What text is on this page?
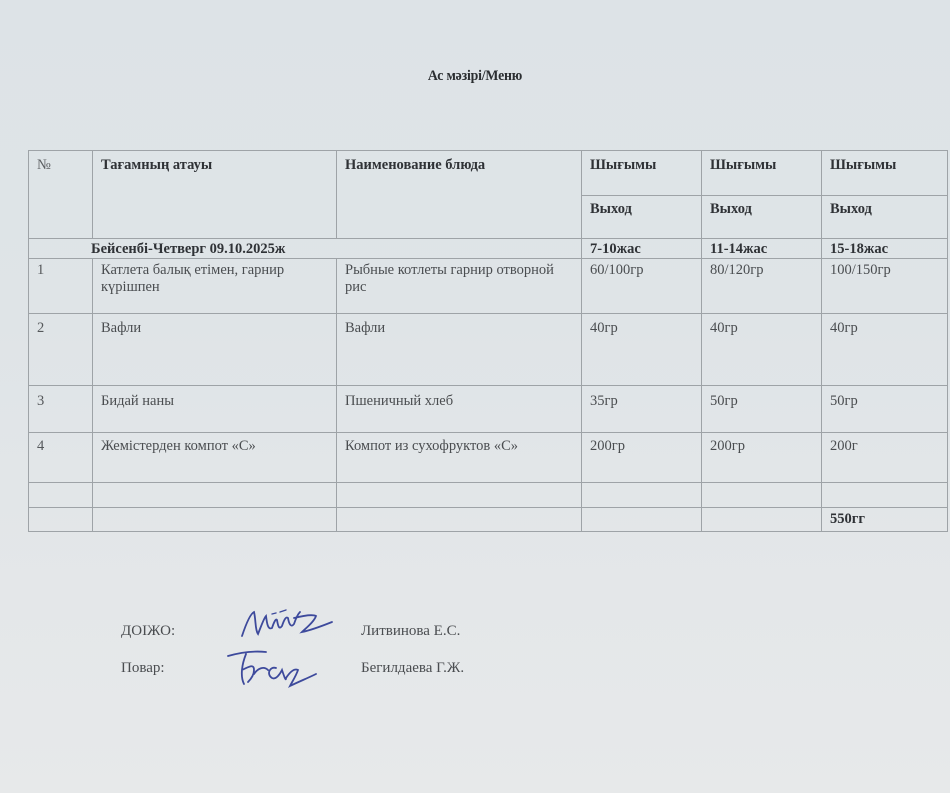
Ас мәзірі/Меню
№	Тағамның атауы	Наименование блюда	Шығымы	Шығымы	Шығымы
			Выход	Выход	Выход
Бейсенбі-Четверг 09.10.2025ж			7-10жас	11-14жас	15-18жас
1	Катлета балық етімен, гарнир күрішпен	Рыбные котлеты гарнир отворной рис	60/100гр	80/120гр	100/150гр
2	Вафли	Вафли	40гр	40гр	40гр
3	Бидай наны	Пшеничный хлеб	35гр	50гр	50гр
4	Жемістерден компот «С»	Компот из сухофруктов «С»	200гр	200гр	200г

					550гг
ДОІЖО:	Литвинова Е.С.
Повар:	Бегилдаева Г.Ж.
